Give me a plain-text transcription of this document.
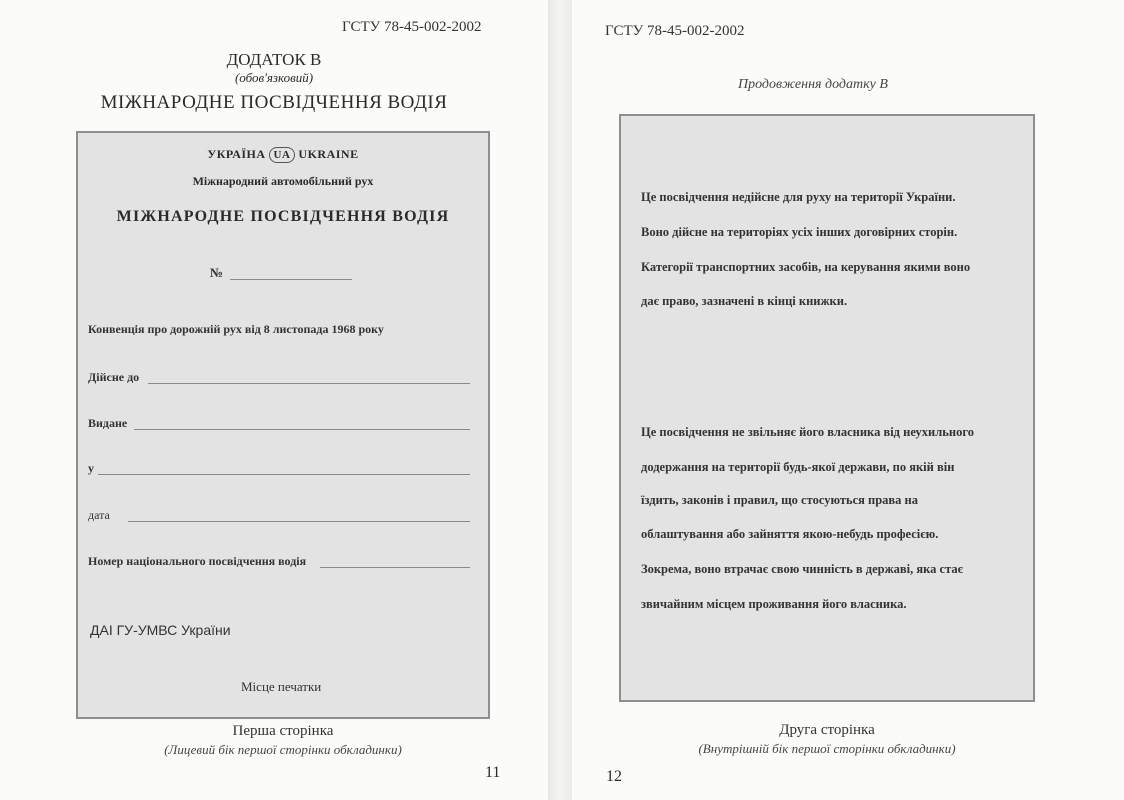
ГСТУ 78-45-002-2002
ДОДАТОК В
(обов'язковий)
МІЖНАРОДНЕ ПОСВІДЧЕННЯ ВОДІЯ
УКРАЇНА UA UKRAINE
Міжнародний автомобільний рух
МІЖНАРОДНЕ ПОСВІДЧЕННЯ ВОДІЯ
№
Конвенція про дорожній рух від 8 листопада 1968 року
Дійсне до
Видане
у
дата
Номер національного посвідчення водія
ДАІ ГУ-УМВС України
Місце печатки
Перша сторінка
(Лицевий бік першої сторінки обкладинки)
11
ГСТУ 78-45-002-2002
Продовження додатку В
Це посвідчення недійсне для руху на території України.
Воно дійсне на територіях усіх інших договірних сторін.
Категорії транспортних засобів, на керування якими воно
дає право, зазначені в кінці книжки.
Це посвідчення не звільняє його власника від неухильного
додержання на території будь-якої держави, по якій він
їздить, законів і правил, що стосуються права на
облаштування або зайняття якою-небудь професією.
Зокрема, воно втрачає свою чинність в державі, яка стає
звичайним місцем проживання його власника.
Друга сторінка
(Внутрішній бік першої сторінки обкладинки)
12
